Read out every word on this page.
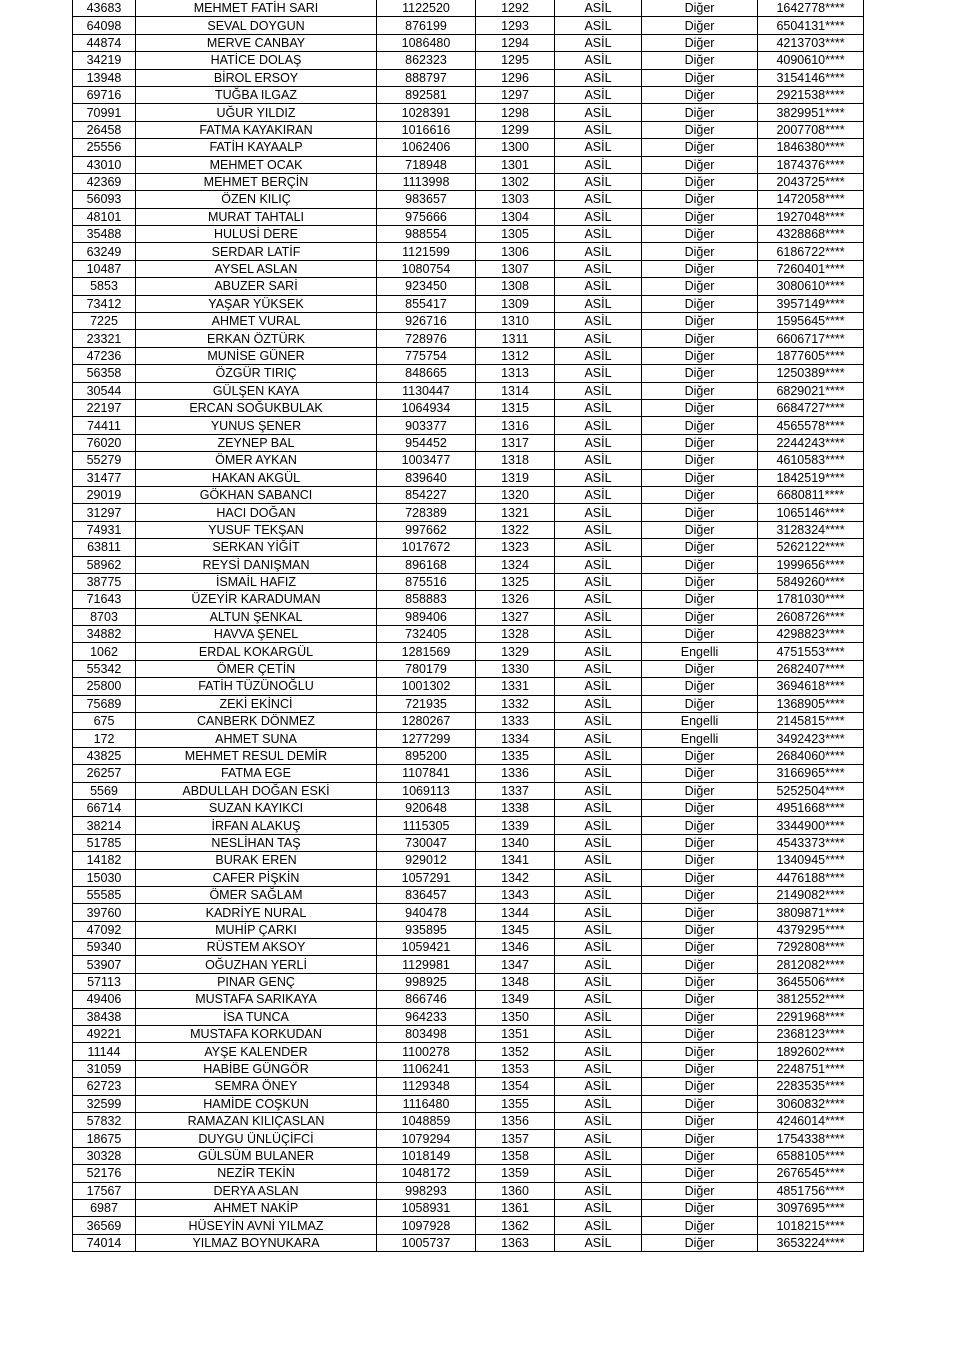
43683	MEHMET FATİH SARI	1122520	1292	ASİL	Diğer	1642778****
64098	SEVAL DOYGUN	876199	1293	ASİL	Diğer	6504131****
44874	MERVE CANBAY	1086480	1294	ASİL	Diğer	4213703****
34219	HATİCE DOLAŞ	862323	1295	ASİL	Diğer	4090610****
13948	BİROL ERSOY	888797	1296	ASİL	Diğer	3154146****
69716	TUĞBA ILGAZ	892581	1297	ASİL	Diğer	2921538****
70991	UĞUR YILDIZ	1028391	1298	ASİL	Diğer	3829951****
26458	FATMA KAYAKIRAN	1016616	1299	ASİL	Diğer	2007708****
25556	FATİH KAYAALP	1062406	1300	ASİL	Diğer	1846380****
43010	MEHMET OCAK	718948	1301	ASİL	Diğer	1874376****
42369	MEHMET BERÇİN	1113998	1302	ASİL	Diğer	2043725****
56093	ÖZEN KILIÇ	983657	1303	ASİL	Diğer	1472058****
48101	MURAT TAHTALI	975666	1304	ASİL	Diğer	1927048****
35488	HULUSİ DERE	988554	1305	ASİL	Diğer	4328868****
63249	SERDAR LATİF	1121599	1306	ASİL	Diğer	6186722****
10487	AYSEL ASLAN	1080754	1307	ASİL	Diğer	7260401****
5853	ABUZER SARİ	923450	1308	ASİL	Diğer	3080610****
73412	YAŞAR YÜKSEK	855417	1309	ASİL	Diğer	3957149****
7225	AHMET VURAL	926716	1310	ASİL	Diğer	1595645****
23321	ERKAN ÖZTÜRK	728976	1311	ASİL	Diğer	6606717****
47236	MUNİSE GÜNER	775754	1312	ASİL	Diğer	1877605****
56358	ÖZGÜR TIRIÇ	848665	1313	ASİL	Diğer	1250389****
30544	GÜLŞEN KAYA	1130447	1314	ASİL	Diğer	6829021****
22197	ERCAN SOĞUKBULAK	1064934	1315	ASİL	Diğer	6684727****
74411	YUNUS ŞENER	903377	1316	ASİL	Diğer	4565578****
76020	ZEYNEP BAL	954452	1317	ASİL	Diğer	2244243****
55279	ÖMER AYKAN	1003477	1318	ASİL	Diğer	4610583****
31477	HAKAN AKGÜL	839640	1319	ASİL	Diğer	1842519****
29019	GÖKHAN SABANCI	854227	1320	ASİL	Diğer	6680811****
31297	HACI DOĞAN	728389	1321	ASİL	Diğer	1065146****
74931	YUSUF TEKŞAN	997662	1322	ASİL	Diğer	3128324****
63811	SERKAN YİĞİT	1017672	1323	ASİL	Diğer	5262122****
58962	REYSİ DANIŞMAN	896168	1324	ASİL	Diğer	1999656****
38775	İSMAİL HAFIZ	875516	1325	ASİL	Diğer	5849260****
71643	ÜZEYİR KARADUMAN	858883	1326	ASİL	Diğer	1781030****
8703	ALTUN ŞENKAL	989406	1327	ASİL	Diğer	2608726****
34882	HAVVA ŞENEL	732405	1328	ASİL	Diğer	4298823****
1062	ERDAL KOKARGÜL	1281569	1329	ASİL	Engelli	4751553****
55342	ÖMER ÇETİN	780179	1330	ASİL	Diğer	2682407****
25800	FATİH TÜZÜNOĞLU	1001302	1331	ASİL	Diğer	3694618****
75689	ZEKİ EKİNCİ	721935	1332	ASİL	Diğer	1368905****
675	CANBERK DÖNMEZ	1280267	1333	ASİL	Engelli	2145815****
172	AHMET SUNA	1277299	1334	ASİL	Engelli	3492423****
43825	MEHMET RESUL DEMİR	895200	1335	ASİL	Diğer	2684060****
26257	FATMA EGE	1107841	1336	ASİL	Diğer	3166965****
5569	ABDULLAH DOĞAN ESKİ	1069113	1337	ASİL	Diğer	5252504****
66714	SUZAN KAYIKCI	920648	1338	ASİL	Diğer	4951668****
38214	İRFAN ALAKUŞ	1115305	1339	ASİL	Diğer	3344900****
51785	NESLİHAN TAŞ	730047	1340	ASİL	Diğer	4543373****
14182	BURAK EREN	929012	1341	ASİL	Diğer	1340945****
15030	CAFER PİŞKİN	1057291	1342	ASİL	Diğer	4476188****
55585	ÖMER SAĞLAM	836457	1343	ASİL	Diğer	2149082****
39760	KADRİYE NURAL	940478	1344	ASİL	Diğer	3809871****
47092	MUHİP ÇARKI	935895	1345	ASİL	Diğer	4379295****
59340	RÜSTEM AKSOY	1059421	1346	ASİL	Diğer	7292808****
53907	OĞUZHAN YERLİ	1129981	1347	ASİL	Diğer	2812082****
57113	PINAR GENÇ	998925	1348	ASİL	Diğer	3645506****
49406	MUSTAFA SARIKAYA	866746	1349	ASİL	Diğer	3812552****
38438	İSA TUNCA	964233	1350	ASİL	Diğer	2291968****
49221	MUSTAFA KORKUDAN	803498	1351	ASİL	Diğer	2368123****
11144	AYŞE KALENDER	1100278	1352	ASİL	Diğer	1892602****
31059	HABİBE GÜNGÖR	1106241	1353	ASİL	Diğer	2248751****
62723	SEMRA ÖNEY	1129348	1354	ASİL	Diğer	2283535****
32599	HAMİDE COŞKUN	1116480	1355	ASİL	Diğer	3060832****
57832	RAMAZAN KILIÇASLAN	1048859	1356	ASİL	Diğer	4246014****
18675	DUYGU ÜNLÜÇİFCİ	1079294	1357	ASİL	Diğer	1754338****
30328	GÜLSÜM BULANER	1018149	1358	ASİL	Diğer	6588105****
52176	NEZİR TEKİN	1048172	1359	ASİL	Diğer	2676545****
17567	DERYA ASLAN	998293	1360	ASİL	Diğer	4851756****
6987	AHMET NAKİP	1058931	1361	ASİL	Diğer	3097695****
36569	HÜSEYİN AVNİ YILMAZ	1097928	1362	ASİL	Diğer	1018215****
74014	YILMAZ BOYNUKARA	1005737	1363	ASİL	Diğer	3653224****
